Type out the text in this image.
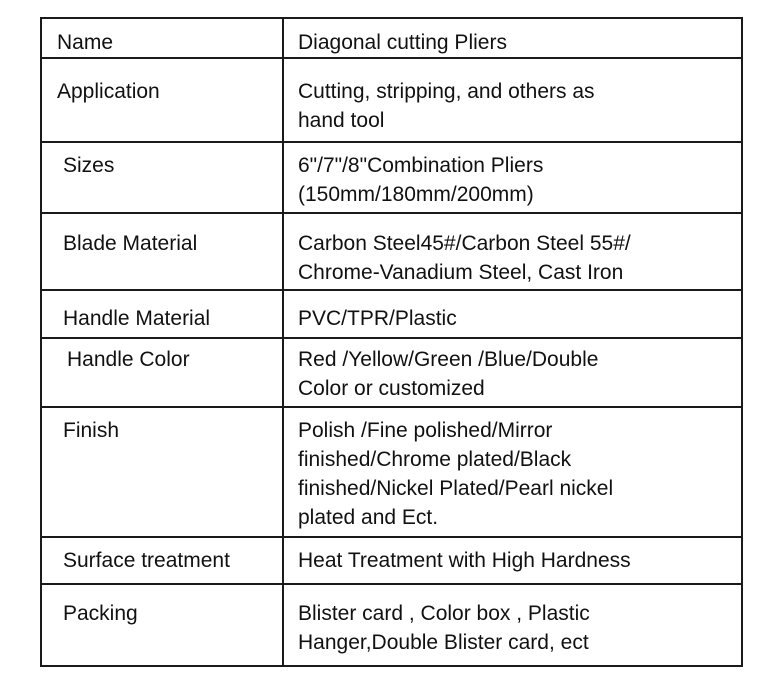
Name	Diagonal cutting Pliers

Application	Cutting, stripping, and others as
hand tool

Sizes	6"/7"/8"Combination Pliers
(150mm/180mm/200mm)

Blade Material	Carbon Steel45#/Carbon Steel 55#/
Chrome-Vanadium Steel, Cast Iron

Handle Material	PVC/TPR/Plastic

Handle Color	Red /Yellow/Green /Blue/Double
Color or customized

Finish	Polish /Fine polished/Mirror
finished/Chrome plated/Black
finished/Nickel Plated/Pearl nickel
plated and Ect.

Surface treatment	Heat Treatment with High Hardness

Packing	Blister card , Color box , Plastic
Hanger,Double Blister card, ect
